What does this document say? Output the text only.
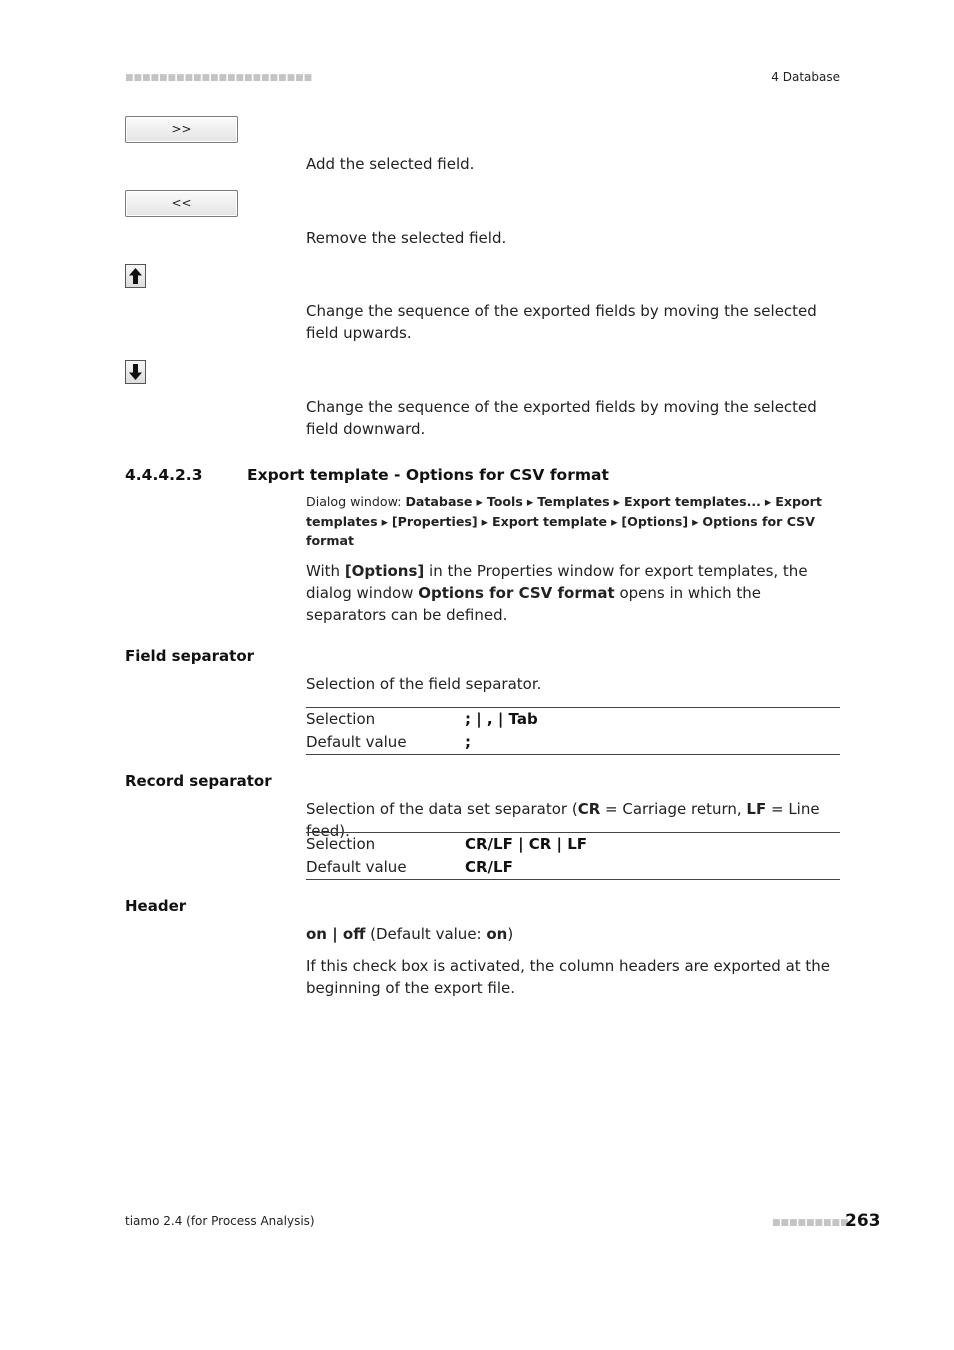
■■■■■■■■■■■■■■■■■■■■■■	4 Database
>>
Add the selected field.
<<
Remove the selected field.
Change the sequence of the exported fields by moving the selected field upwards.
Change the sequence of the exported fields by moving the selected field downward.
4.4.4.2.3	Export template - Options for CSV format
Dialog window: Database ▸ Tools ▸ Templates ▸ Export templates... ▸ Export templates ▸ [Properties] ▸ Export template ▸ [Options] ▸ Options for CSV format
With [Options] in the Properties window for export templates, the dialog window Options for CSV format opens in which the separators can be defined.
Field separator
Selection of the field separator.
Selection	; | , | Tab
Default value	;
Record separator
Selection of the data set separator (CR = Carriage return, LF = Line feed).
Selection	CR/LF | CR | LF
Default value	CR/LF
Header
on | off (Default value: on)
If this check box is activated, the column headers are exported at the beginning of the export file.
tiamo 2.4 (for Process Analysis)	■■■■■■■■■
263
